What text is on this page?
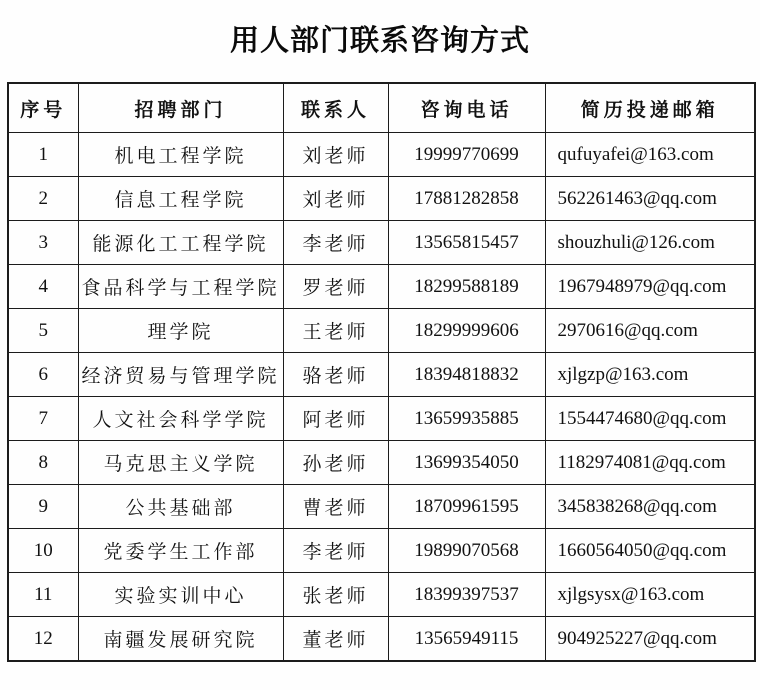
用人部门联系咨询方式
序号	招聘部门	联系人	咨询电话	简历投递邮箱
1	机电工程学院	刘老师	19999770699	qufuyafei@163.com
2	信息工程学院	刘老师	17881282858	562261463@qq.com
3	能源化工工程学院	李老师	13565815457	shouzhuli@126.com
4	食品科学与工程学院	罗老师	18299588189	1967948979@qq.com
5	理学院	王老师	18299999606	2970616@qq.com
6	经济贸易与管理学院	骆老师	18394818832	xjlgzp@163.com
7	人文社会科学学院	阿老师	13659935885	1554474680@qq.com
8	马克思主义学院	孙老师	13699354050	1182974081@qq.com
9	公共基础部	曹老师	18709961595	345838268@qq.com
10	党委学生工作部	李老师	19899070568	1660564050@qq.com
11	实验实训中心	张老师	18399397537	xjlgsysx@163.com
12	南疆发展研究院	董老师	13565949115	904925227@qq.com
